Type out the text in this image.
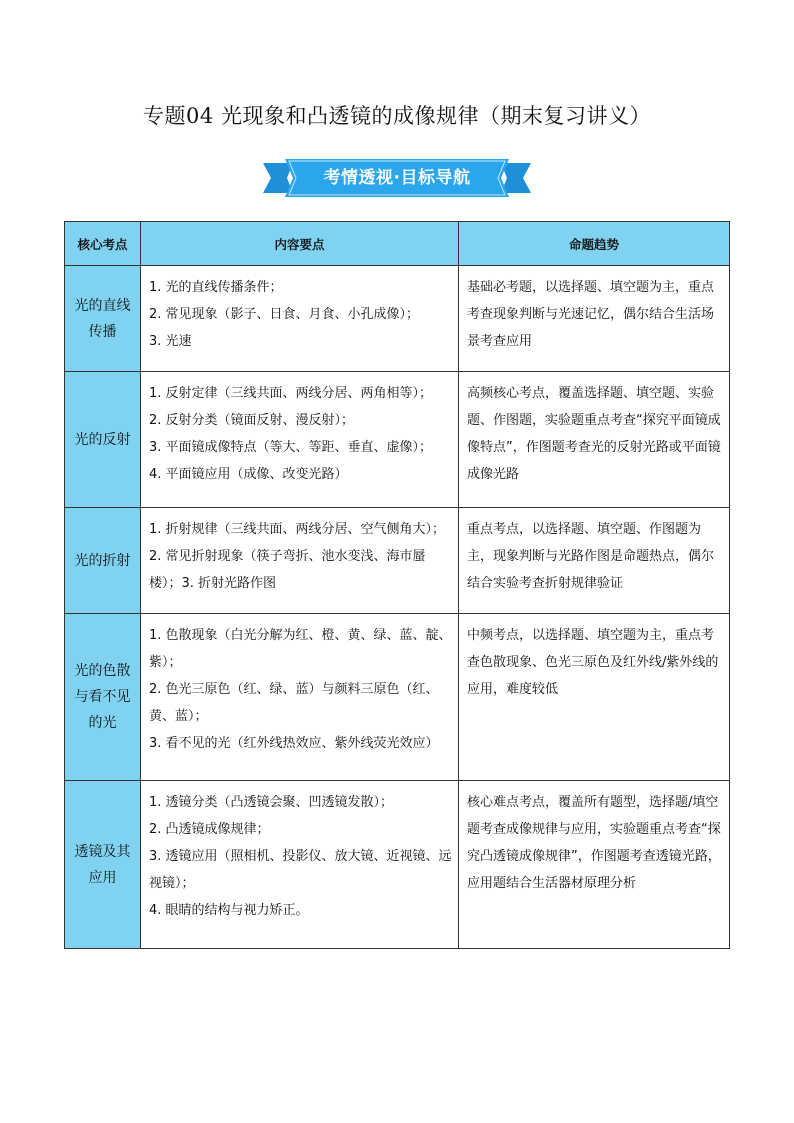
专题04 光现象和凸透镜的成像规律（期末复习讲义）
考情透视·目标导航
核心考点	内容要点	命题趋势
光的直线传播	1. 光的直线传播条件；
2. 常见现象（影子、日食、月食、小孔成像）；
3. 光速	基础必考题，以选择题、填空题为主，重点考查现象判断与光速记忆，偶尔结合生活场景考查应用

光的反射	1. 反射定律（三线共面、两线分居、两角相等）；
2. 反射分类（镜面反射、漫反射）；
3. 平面镜成像特点（等大、等距、垂直、虚像）；
4. 平面镜应用（成像、改变光路）	高频核心考点，覆盖选择题、填空题、实验题、作图题，实验题重点考查“探究平面镜成像特点”，作图题考查光的反射光路或平面镜成像光路

光的折射	1. 折射规律（三线共面、两线分居、空气侧角大）；2. 常见折射现象（筷子弯折、池水变浅、海市蜃楼）；3. 折射光路作图	重点考点，以选择题、填空题、作图题为主，现象判断与光路作图是命题热点，偶尔结合实验考查折射规律验证

光的色散与看不见的光	1. 色散现象（白光分解为红、橙、黄、绿、蓝、靛、紫）；
2. 色光三原色（红、绿、蓝）与颜料三原色（红、黄、蓝）；
3. 看不见的光（红外线热效应、紫外线荧光效应）	中频考点，以选择题、填空题为主，重点考查色散现象、色光三原色及红外线/紫外线的应用，难度较低

透镜及其应用	1. 透镜分类（凸透镜会聚、凹透镜发散）；
2. 凸透镜成像规律；
3. 透镜应用（照相机、投影仪、放大镜、近视镜、远视镜）；
4. 眼睛的结构与视力矫正。	核心难点考点，覆盖所有题型，选择题/填空题考查成像规律与应用，实验题重点考查“探究凸透镜成像规律”，作图题考查透镜光路，应用题结合生活器材原理分析
